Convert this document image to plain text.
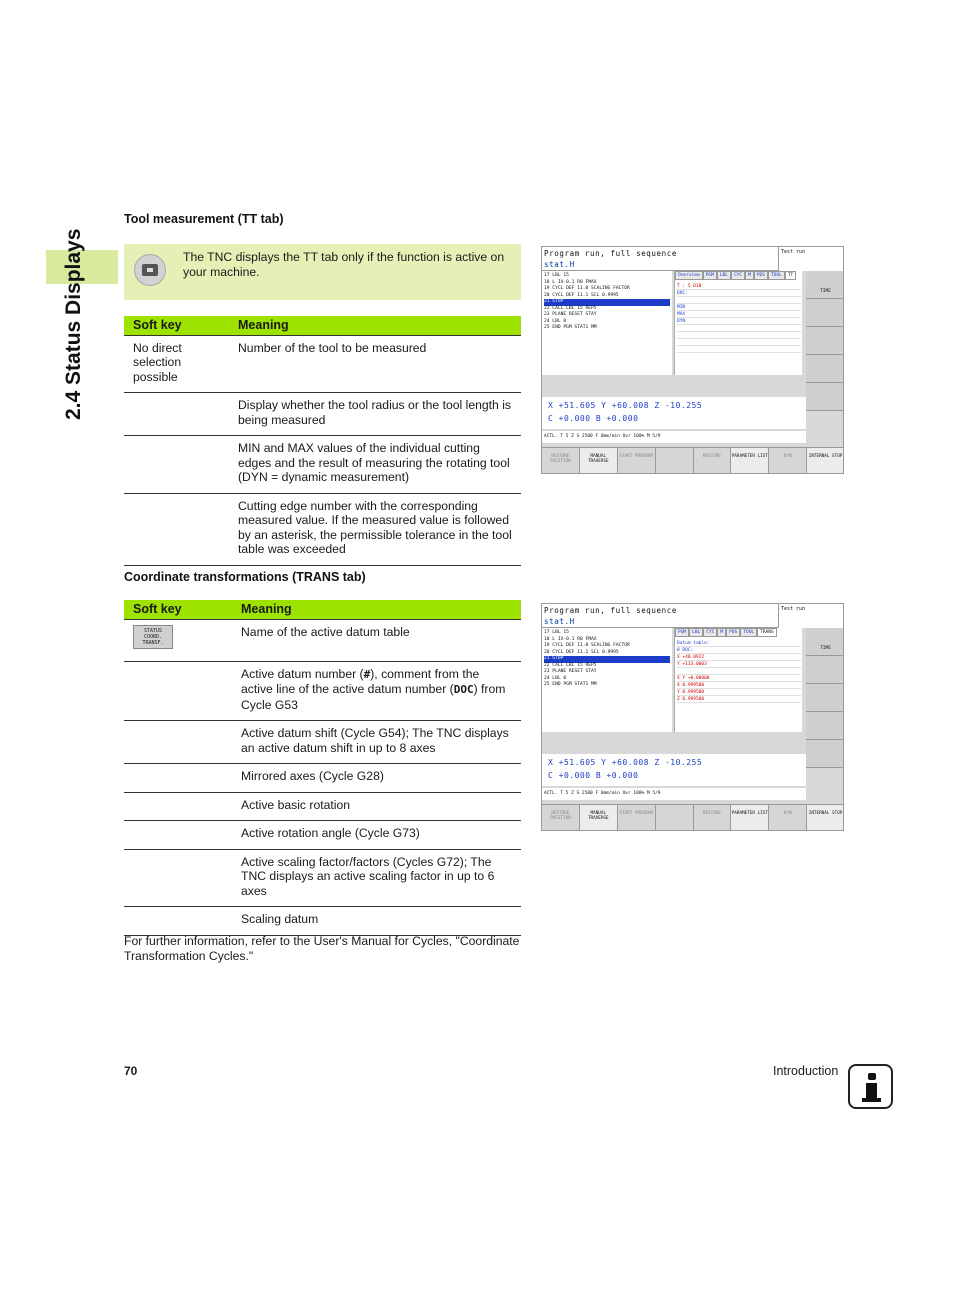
2.4 Status Displays
Tool measurement (TT tab)
The TNC displays the TT tab only if the function is active on your machine.
Soft key	Meaning
No direct selection possible	Number of the tool to be measured
	Display whether the tool radius or the tool length is being measured
	MIN and MAX values of the individual cutting edges and the result of measuring the rotating tool (DYN = dynamic measurement)
	Cutting edge number with the corresponding measured value. If the measured value is followed by an asterisk, the permissible tolerance in the tool table was exceeded
Coordinate transformations (TRANS tab)
Soft key	Meaning
STATUS COORD. TRANSF.	Name of the active datum table
	Active datum number (#), comment from the active line of the active datum number (DOC) from Cycle G53
	Active datum shift (Cycle G54); The TNC displays an active datum shift in up to 8 axes
	Mirrored axes (Cycle G28)
	Active basic rotation
	Active rotation angle (Cycle G73)
	Active scaling factor/factors (Cycles G72); The TNC displays an active scaling factor in up to 6 axes
	Scaling datum
For further information, refer to the User's Manual for Cycles, "Coordinate Transformation Cycles."
Program run, full sequence
stat.H
Test run
17 LBL 15
18 L IX-0.1 R0 FMAX
19 CYCL DEF 11.0 SCALING FACTOR
20 CYCL DEF 11.1 SCL 0.9995
21 STOP
22 CALL LBL 15 REP5
23 PLANE RESET STAY
24 LBL 0
25 END PGM STAT1 MM
Overview	PGM	LBL	CYC	M	POS	TOOL	TT
T : 5 D10
DOC:
MIN
MAX
DYN
TIME
X +51.605 Y +60.008 Z -10.255
C +0.000 B +0.000
ACTL. T 5 Z S 2500 F 0mm/min Ovr 100% M 5/9
RESTORE POSITION
MANUAL TRAVERSE
START PROGRAM	RESTORE	PARAMETER LIST	DYN	INTERNAL STOP
Program run, full sequence
stat.H
Test run
17 LBL 15
18 L IX-0.1 R0 FMAX
19 CYCL DEF 11.0 SCALING FACTOR
20 CYCL DEF 11.1 SCL 0.9995
21 STOP
22 CALL LBL 15 REP5
23 PLANE RESET STAY
24 LBL 0
25 END PGM STAT1 MM
PGM	LBL	CYC	M	POS	TOOL	TRANS
Datum table:
0 DOC:
X +40.0922
Y +133.0003
X Y +0.00000
X 0.999500
Y 0.999500
Z 0.999500
TIME
X +51.605 Y +60.008 Z -10.255
C +0.000 B +0.000
ACTL. T 5 Z S 2500 F 0mm/min Ovr 100% M 5/9
RESTORE POSITION
MANUAL TRAVERSE
START PROGRAM	RESTORE	PARAMETER LIST	DYN	INTERNAL STOP
70	Introduction
